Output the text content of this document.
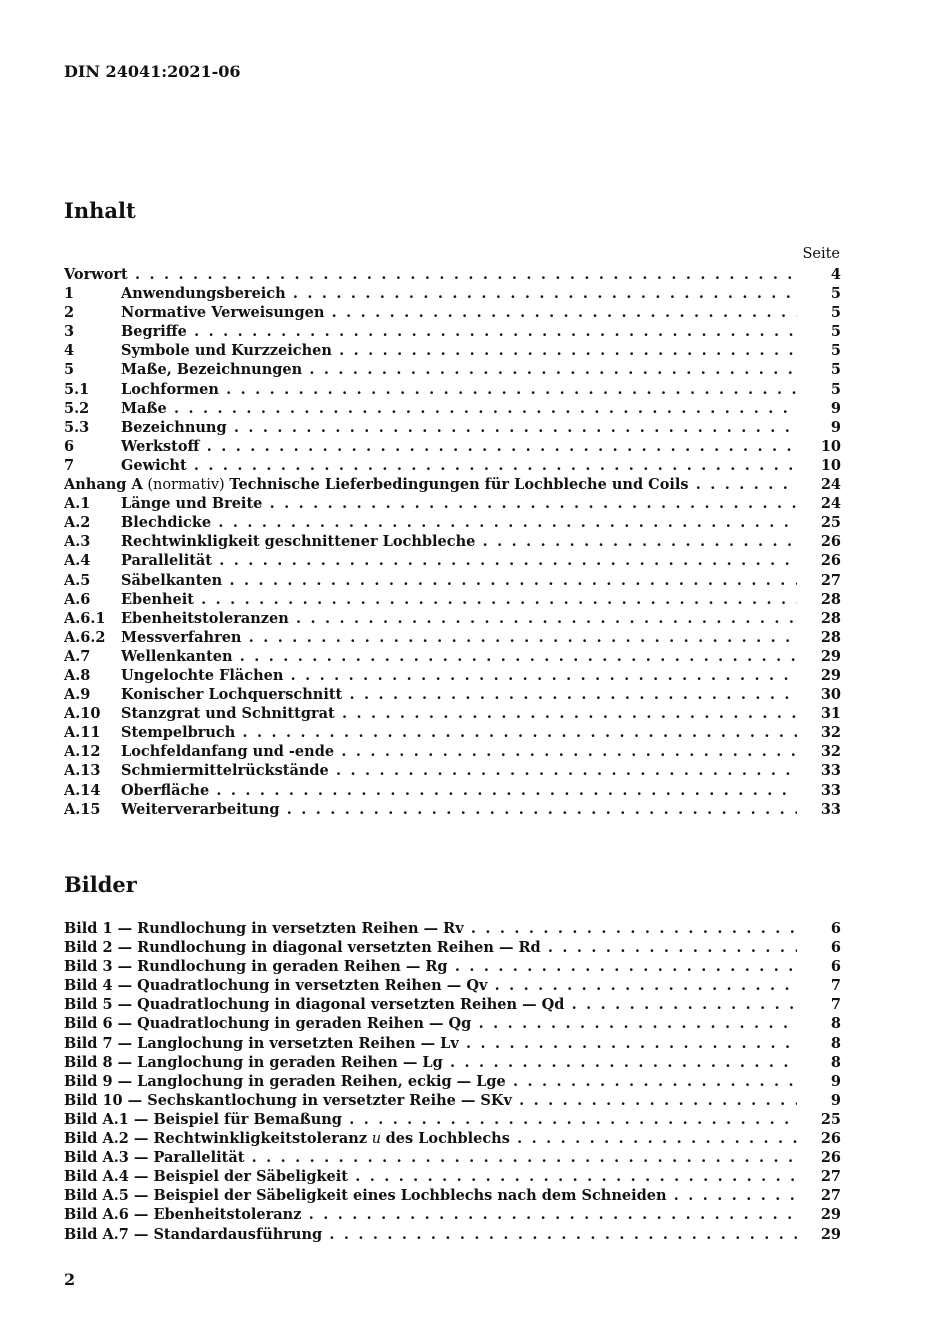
DIN 24041:2021-06
Inhalt
Seite
Vorwort . . .	4
1	Anwendungsbereich . . .	5
2	Normative Verweisungen . . .	5
3	Begriffe . . .	5
4	Symbole und Kurzzeichen . . .	5
5	Maße, Bezeichnungen . . .	5
5.1 Lochformen . . .	5
5.2 Maße . . .	9
5.3 Bezeichnung . . .	9
6	Werkstoff . . .	10
7	Gewicht . . .	10
Anhang A (normativ) Technische Lieferbedingungen für Lochbleche und Coils . . .	24
A.1 Länge und Breite . . .	24
A.2 Blechdicke . . .	25
A.3 Rechtwinkligkeit geschnittener Lochbleche . . .	26
A.4 Parallelität . . .	26
A.5 Säbelkanten . . .	27
A.6 Ebenheit . . .	28
A.6.1 Ebenheitstoleranzen . . .	28
A.6.2 Messverfahren . . .	28
A.7 Wellenkanten . . .	29
A.8 Ungelochte Flächen . . .	29
A.9 Konischer Lochquerschnitt . . .	30
A.10 Stanzgrat und Schnittgrat . . .	31
A.11 Stempelbruch . . .	32
A.12 Lochfeldanfang und -ende . . .	32
A.13 Schmiermittelrückstände . . .	33
A.14 Oberfläche . . .	33
A.15 Weiterverarbeitung . . .	33
Bilder
Bild 1 — Rundlochung in versetzten Reihen — Rv . . .	6
Bild 2 — Rundlochung in diagonal versetzten Reihen — Rd . . .	6
Bild 3 — Rundlochung in geraden Reihen — Rg . . .	6
Bild 4 — Quadratlochung in versetzten Reihen — Qv . . .	7
Bild 5 — Quadratlochung in diagonal versetzten Reihen — Qd . . .	7
Bild 6 — Quadratlochung in geraden Reihen — Qg . . .	8
Bild 7 — Langlochung in versetzten Reihen — Lv . . .	8
Bild 8 — Langlochung in geraden Reihen — Lg . . .	8
Bild 9 — Langlochung in geraden Reihen, eckig — Lge . . .	9
Bild 10 — Sechskantlochung in versetzter Reihe — SKv . . .	9
Bild A.1 — Beispiel für Bemaßung . . .	25
Bild A.2 — Rechtwinkligkeitstoleranz u des Lochblechs . . .	26
Bild A.3 — Parallelität . . .	26
Bild A.4 — Beispiel der Säbeligkeit . . .	27
Bild A.5 — Beispiel der Säbeligkeit eines Lochblechs nach dem Schneiden . . .	27
Bild A.6 — Ebenheitstoleranz . . .	29
Bild A.7 — Standardausführung . . .	29
2
